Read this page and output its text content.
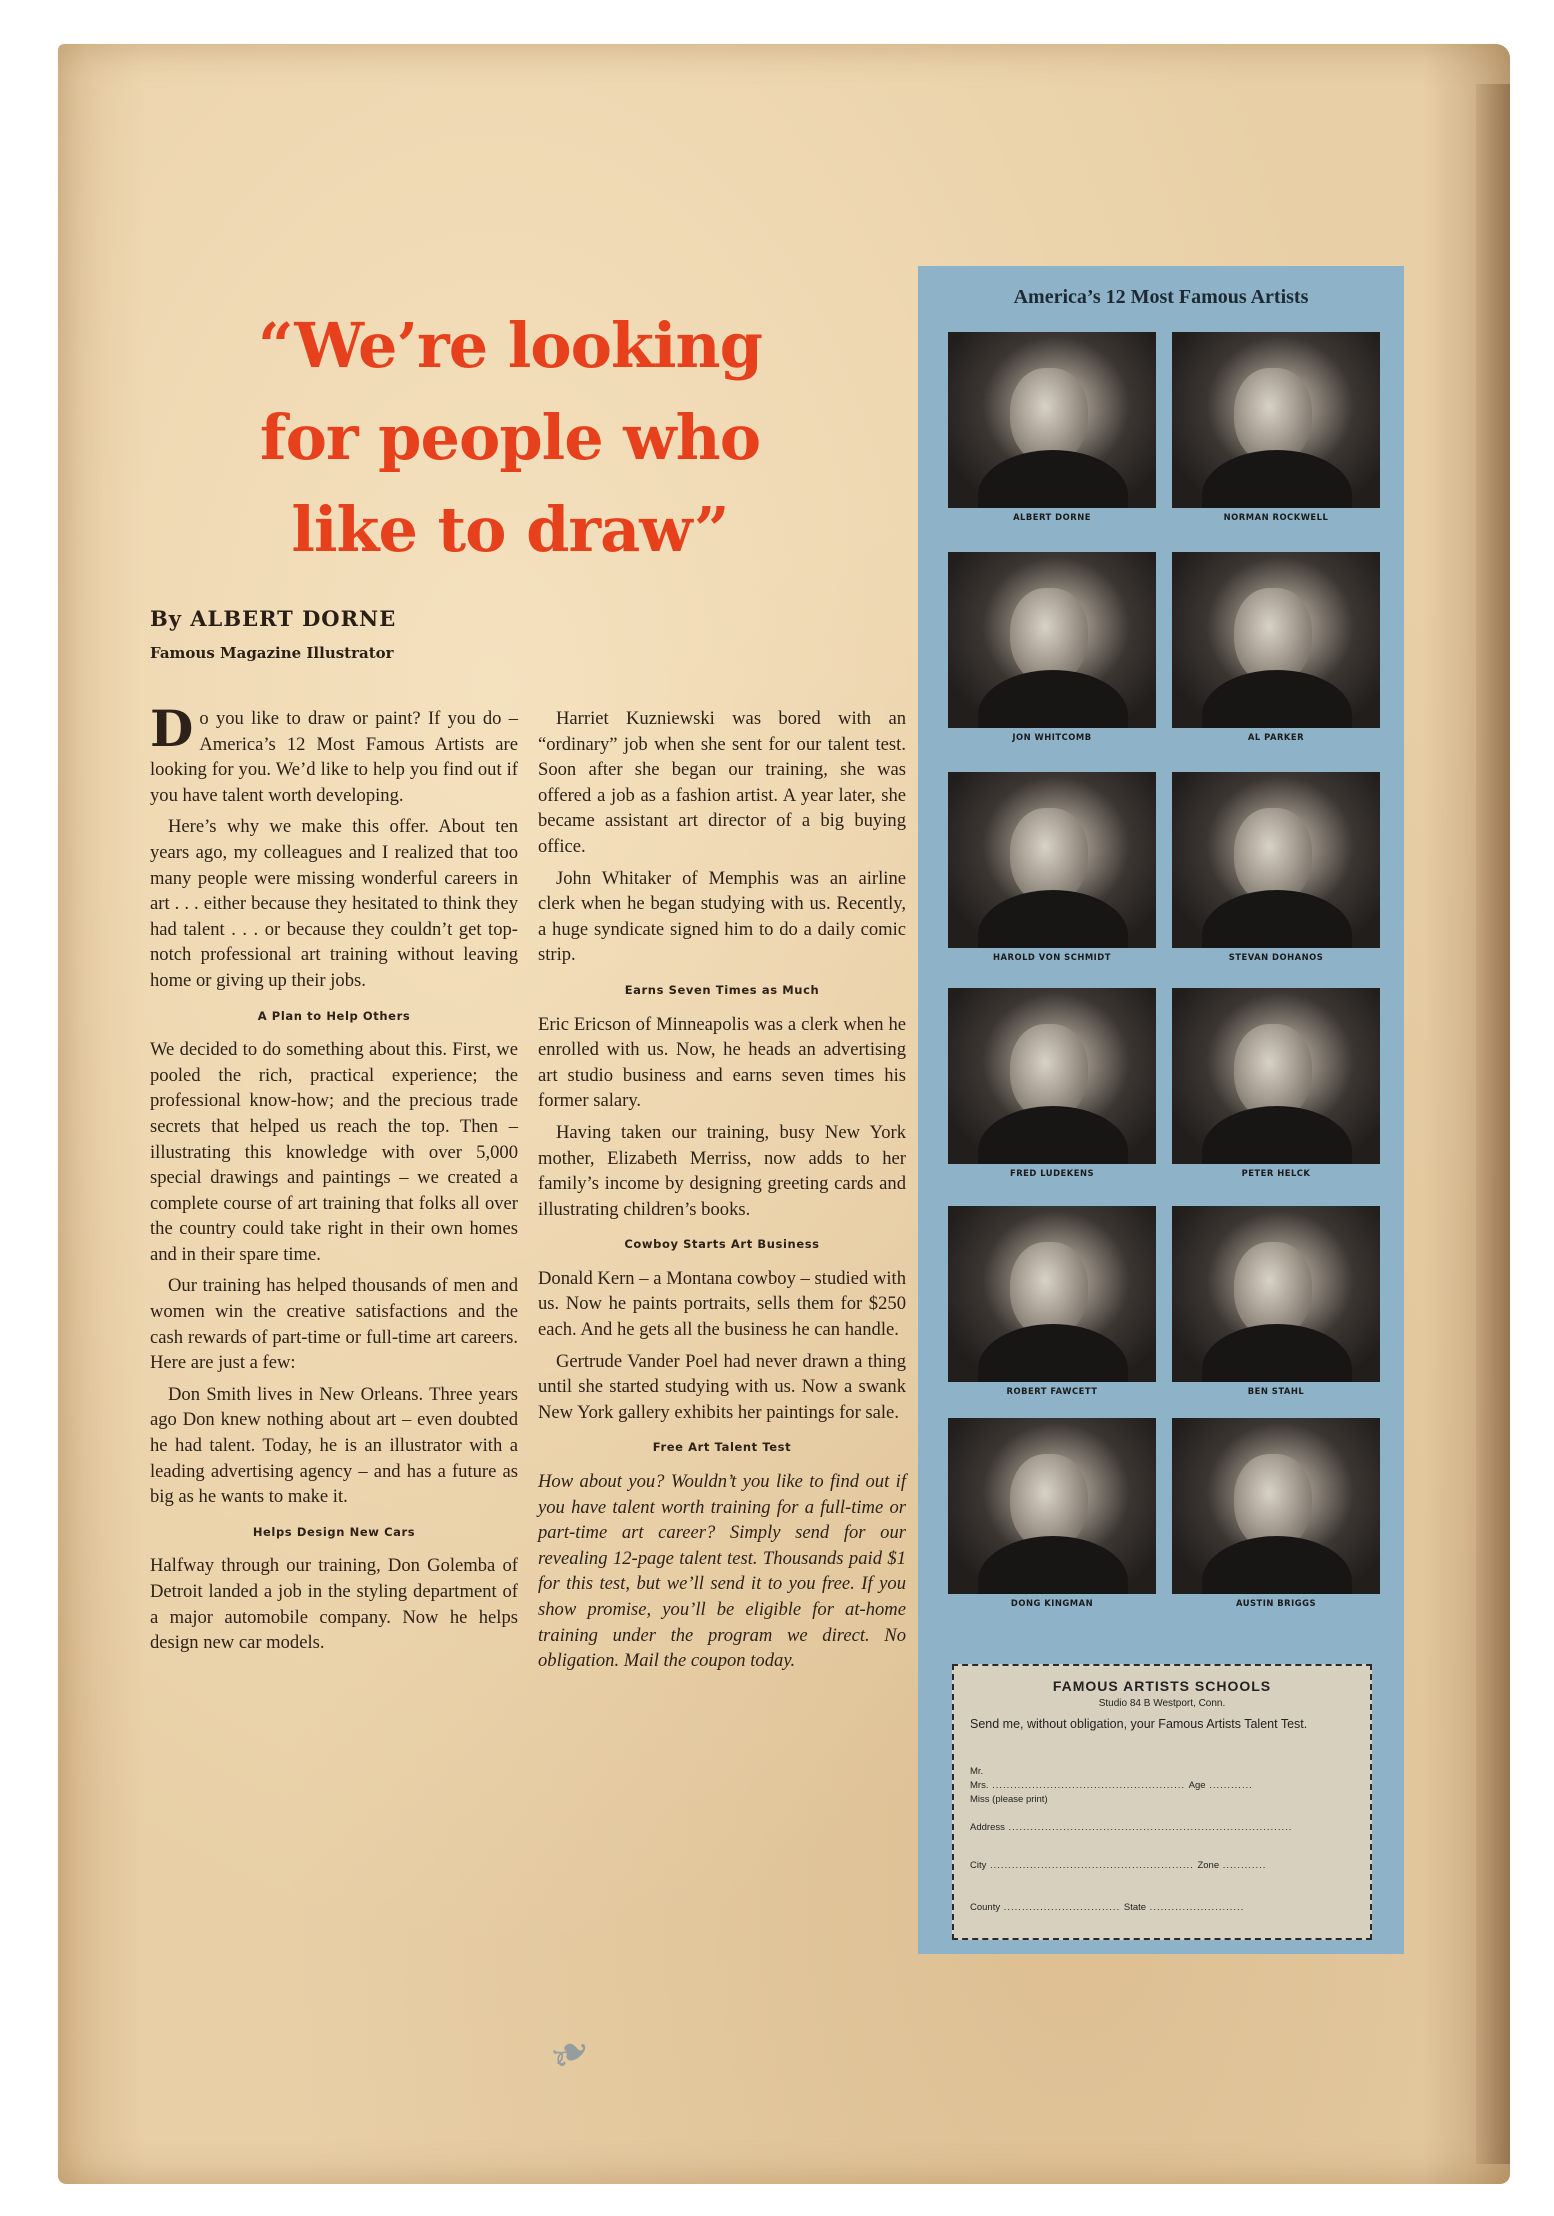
“We’re looking
for people who
like to draw”
By ALBERT DORNE
Famous Magazine Illustrator

Do you like to draw or paint? If you do – America’s 12 Most Famous Artists are looking for you. We’d like to help you find out if you have talent worth developing.

Here’s why we make this offer. About ten years ago, my colleagues and I realized that too many people were missing wonderful careers in art . . . either because they hesitated to think they had talent . . . or because they couldn’t get top-notch professional art training without leaving home or giving up their jobs.

A Plan to Help Others

We decided to do something about this. First, we pooled the rich, practical experience; the professional know-how; and the precious trade secrets that helped us reach the top. Then – illustrating this knowledge with over 5,000 special drawings and paintings – we created a complete course of art training that folks all over the country could take right in their own homes and in their spare time.

Our training has helped thousands of men and women win the creative satisfactions and the cash rewards of part-time or full-time art careers. Here are just a few:

Don Smith lives in New Orleans. Three years ago Don knew nothing about art – even doubted he had talent. Today, he is an illustrator with a leading advertising agency – and has a future as big as he wants to make it.

Helps Design New Cars

Halfway through our training, Don Golemba of Detroit landed a job in the styling department of a major automobile company. Now he helps design new car models.

Harriet Kuzniewski was bored with an “ordinary” job when she sent for our talent test. Soon after she began our training, she was offered a job as a fashion artist. A year later, she became assistant art director of a big buying office.

John Whitaker of Memphis was an airline clerk when he began studying with us. Recently, a huge syndicate signed him to do a daily comic strip.

Earns Seven Times as Much

Eric Ericson of Minneapolis was a clerk when he enrolled with us. Now, he heads an advertising art studio business and earns seven times his former salary.

Having taken our training, busy New York mother, Elizabeth Merriss, now adds to her family’s income by designing greeting cards and illustrating children’s books.

Cowboy Starts Art Business

Donald Kern – a Montana cowboy – studied with us. Now he paints portraits, sells them for $250 each. And he gets all the business he can handle.

Gertrude Vander Poel had never drawn a thing until she started studying with us. Now a swank New York gallery exhibits her paintings for sale.

Free Art Talent Test

How about you? Wouldn’t you like to find out if you have talent worth training for a full-time or part-time art career? Simply send for our revealing 12-page talent test. Thousands paid $1 for this test, but we’ll send it to you free. If you show promise, you’ll be eligible for at-home training under the program we direct. No obligation. Mail the coupon today.

America’s 12 Most Famous Artists
ALBERT DORNE	NORMAN ROCKWELL
JON WHITCOMB	AL PARKER
HAROLD VON SCHMIDT	STEVAN DOHANOS
FRED LUDEKENS	PETER HELCK
ROBERT FAWCETT	BEN STAHL
DONG KINGMAN	AUSTIN BRIGGS
FAMOUS ARTISTS SCHOOLS
Studio 84 B Westport, Conn.
Send me, without obligation, your Famous Artists Talent Test.
Mr.
Mrs. ..................................................... Age ............
Miss (please print)
Address ..............................................................................
City ........................................................ Zone ............
County ................................ State ..........................
❧
